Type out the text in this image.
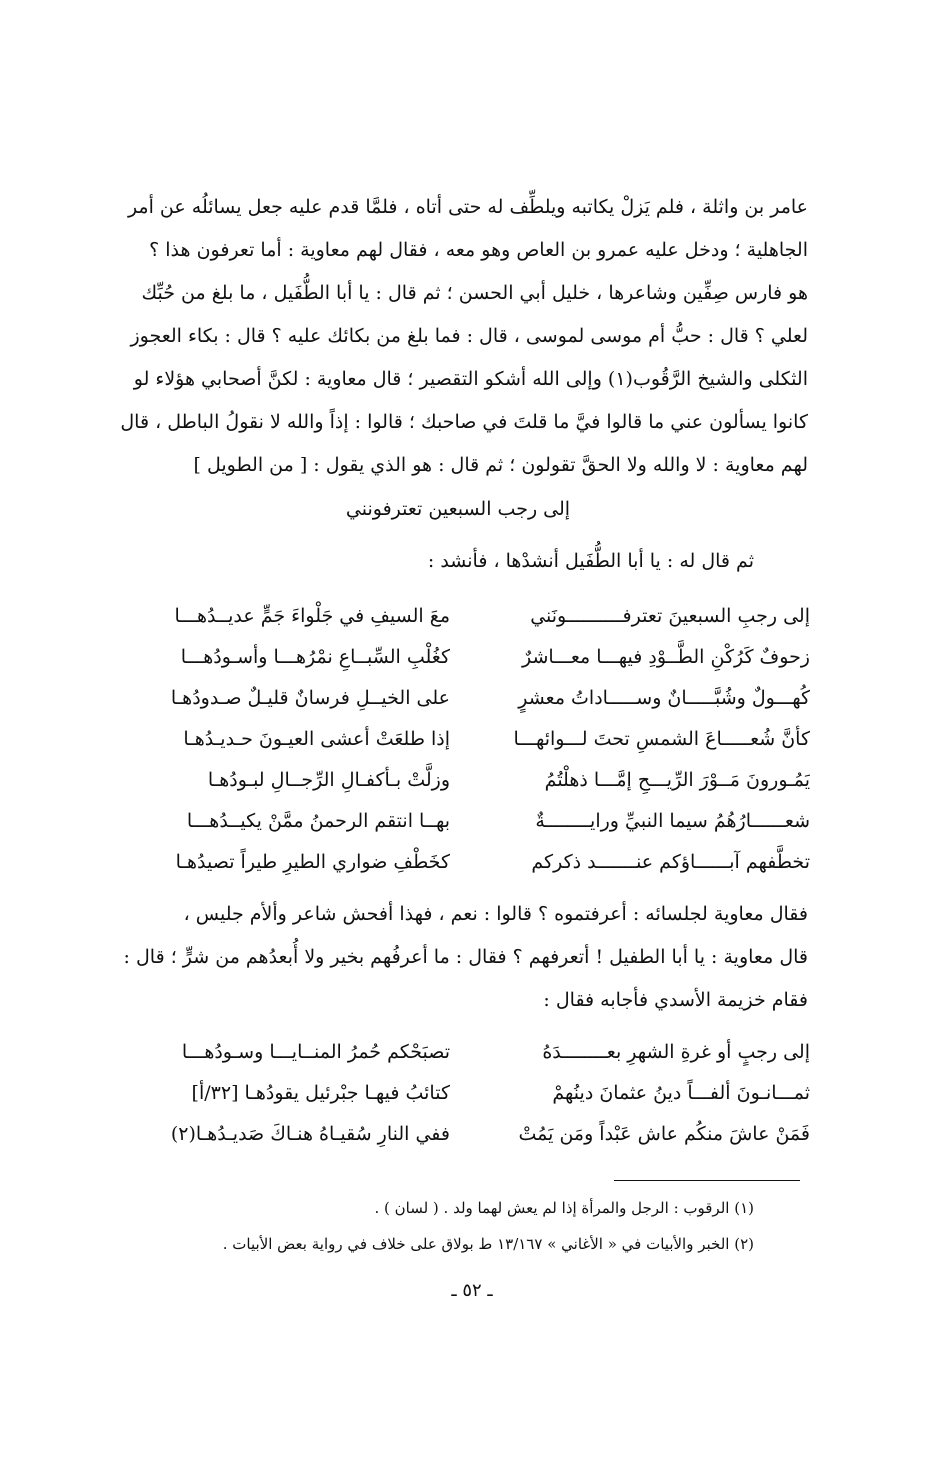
عامر بن واثلة ، فلم يَزلْ يكاتبه ويلطِّف له حتى أتاه ، فلمَّا قدم عليه جعل يسائلُه عن أمر
الجاهلية ؛ ودخل عليه عمرو بن العاص وهو معه ، فقال لهم معاوية : أما تعرفون هذا ؟
هو فارس صِفِّين وشاعرها ، خليل أبي الحسن ؛ ثم قال : يا أبا الطُّفَيل ، ما بلغ من حُبِّك
لعلي ؟ قال : حبُّ أم موسى لموسى ، قال : فما بلغ من بكائك عليه ؟ قال : بكاء العجوز
الثكلى والشيخ الرَّقُوب(١) وإلى الله أشكو التقصير ؛ قال معاوية : لكنَّ أصحابي هؤلاء لو
كانوا يسألون عني ما قالوا فيَّ ما قلتَ في صاحبك ؛ قالوا : إذاً والله لا نقولُ الباطل ، قال
لهم معاوية : لا والله ولا الحقَّ تقولون ؛ ثم قال : هو الذي يقول : [ من الطويل ]
إلى رجب السبعين تعترفونني
ثم قال له : يا أبا الطُّفَيل أنشدْها ، فأنشد :
إلى رجبِ السبعينَ تعترفــــــــــونَني
معَ السيفِ في جَلْواءَ جَمٍّ عديــدُهـــا
زحوفٌ كَرُكْنِ الطَّــوْدِ فيهـــا معـــاشرٌ
كغُلْبِ السِّبــاعِ نمْرُهـــا وأسـودُهـــا
كُهـــولٌ وشُبَّـــــانٌ وســـــاداتُ معشرٍ
على الخيــلِ فرسانٌ قليـلٌ صـدودُهـا
كأنَّ شُعـــــاعَ الشمسِ تحتَ لـــوائهـــا
إذا طلعَتْ أعشى العيـونَ حـديـدُهـا
يَمُـورونَ مَــوْرَ الرِّيـــحِ إمَّـــا ذهلْتُمُ
وزلَّتْ بـأكفـالِ الرِّجــالِ لبـودُهـا
شعــــــارُهُمُ سيما النبيِّ ورايــــــــةٌ
بهــا انتقم الرحمنُ ممَّنْ يكيــدُهـــا
تخطَّفهم آبــــــاؤكم عنـــــــد ذكركم
كخَطْفِ ضواري الطيرِ طيراً تصيدُهـا
فقال معاوية لجلسائه : أعرفتموه ؟ قالوا : نعم ، فهذا أفحش شاعر وألأم جليس ،
قال معاوية : يا أبا الطفيل ! أتعرفهم ؟ فقال : ما أعرفُهم بخير ولا أُبعدُهم من شرٍّ ؛ قال :
فقام خزيمة الأسدي فأجابه فقال :
إلى رجبٍ أو غرةِ الشهرِ بعــــــــدَهُ
تصبَحْكم حُمرُ المنــايـــا وسـودُهـــا
ثمـــانـونَ ألفـــاً دينُ عثمانَ دينُهمْ
كتائبُ فيهـا جبْرئيل يقودُهـا [٣٢/أ]
فَمَنْ عاشَ منكُم عاش عَبْداً ومَن يَمُتْ
ففي النارِ سُقيـاهُ هنـاكَ صَديـدُهـا(٢)
(١) الرقوب : الرجل والمرأة إذا لم يعش لهما ولد . ( لسان ) .
(٢) الخبر والأبيات في « الأغاني » ١٣/١٦٧ ط بولاق على خلاف في رواية بعض الأبيات .
ـ ٥٢ ـ
